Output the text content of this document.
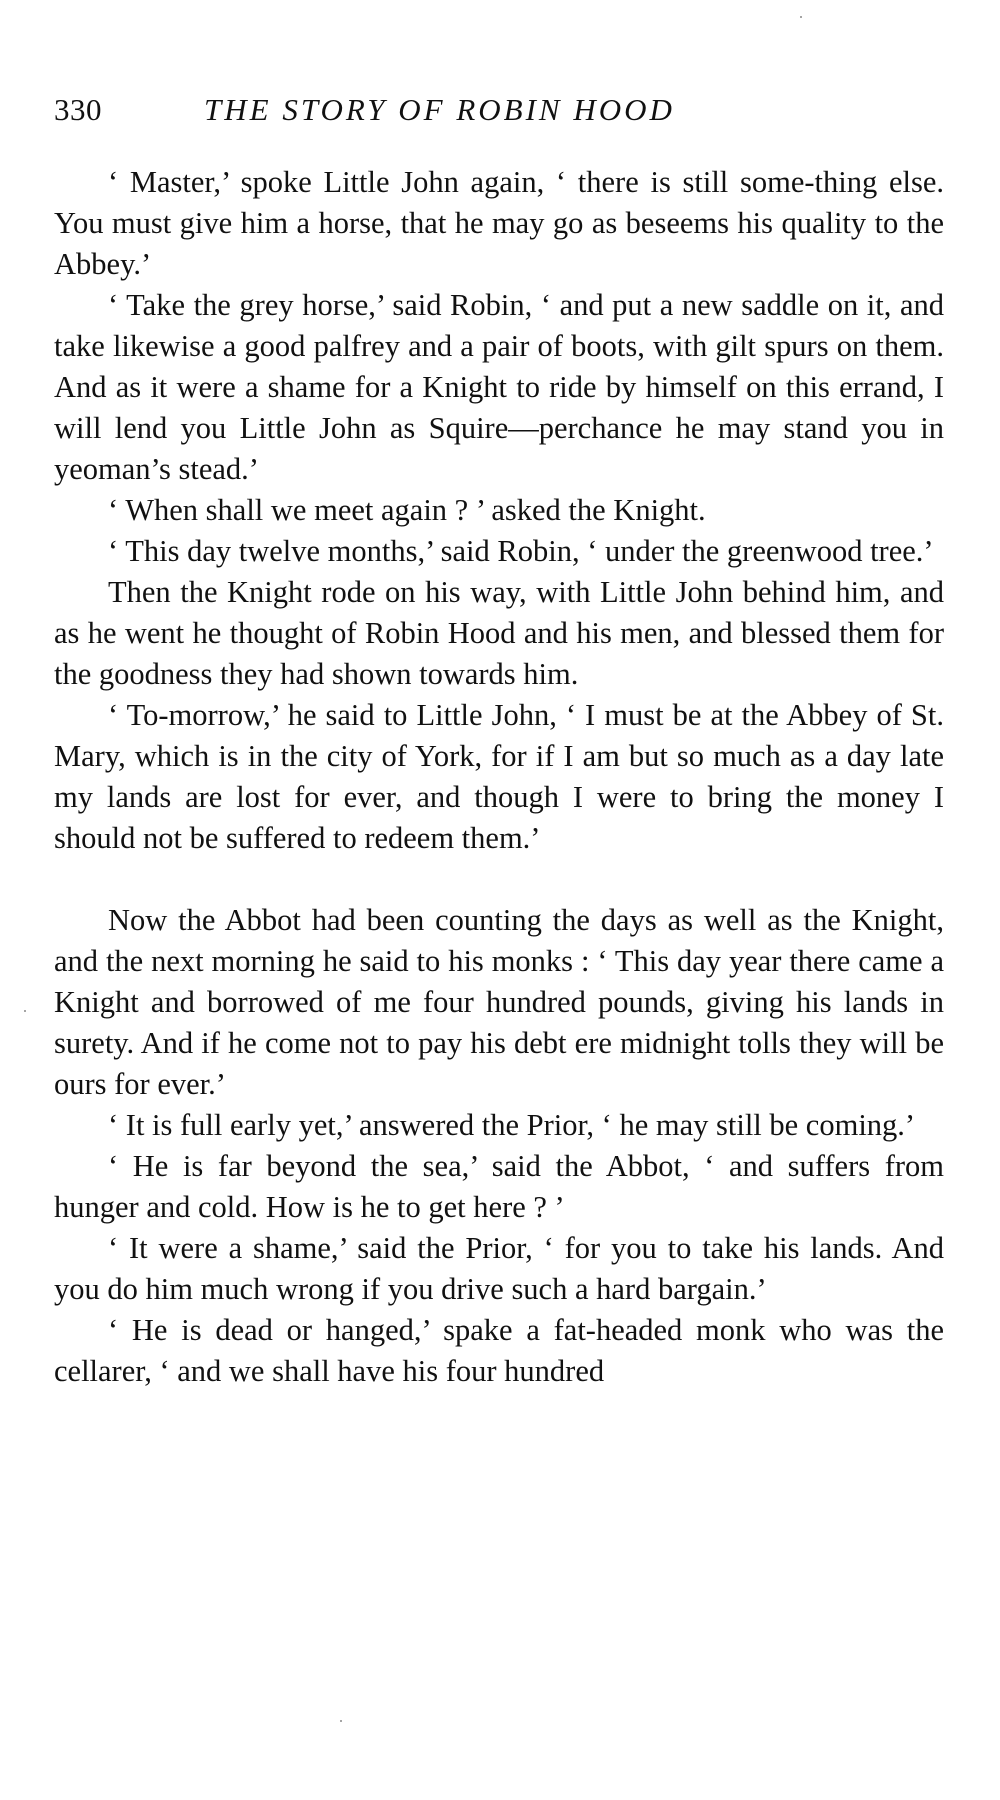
330	THE STORY OF ROBIN HOOD

‘ Master,’ spoke Little John again, ‘ there is still some-thing else. You must give him a horse, that he may go as beseems his quality to the Abbey.’

‘ Take the grey horse,’ said Robin, ‘ and put a new saddle on it, and take likewise a good palfrey and a pair of boots, with gilt spurs on them. And as it were a shame for a Knight to ride by himself on this errand, I will lend you Little John as Squire—perchance he may stand you in yeoman’s stead.’

‘ When shall we meet again ? ’ asked the Knight.

‘ This day twelve months,’ said Robin, ‘ under the greenwood tree.’

Then the Knight rode on his way, with Little John behind him, and as he went he thought of Robin Hood and his men, and blessed them for the goodness they had shown towards him.

‘ To-morrow,’ he said to Little John, ‘ I must be at the Abbey of St. Mary, which is in the city of York, for if I am but so much as a day late my lands are lost for ever, and though I were to bring the money I should not be suffered to redeem them.’

Now the Abbot had been counting the days as well as the Knight, and the next morning he said to his monks : ‘ This day year there came a Knight and borrowed of me four hundred pounds, giving his lands in surety. And if he come not to pay his debt ere midnight tolls they will be ours for ever.’

‘ It is full early yet,’ answered the Prior, ‘ he may still be coming.’

‘ He is far beyond the sea,’ said the Abbot, ‘ and suffers from hunger and cold. How is he to get here ? ’

‘ It were a shame,’ said the Prior, ‘ for you to take his lands. And you do him much wrong if you drive such a hard bargain.’

‘ He is dead or hanged,’ spake a fat-headed monk who was the cellarer, ‘ and we shall have his four hundred
